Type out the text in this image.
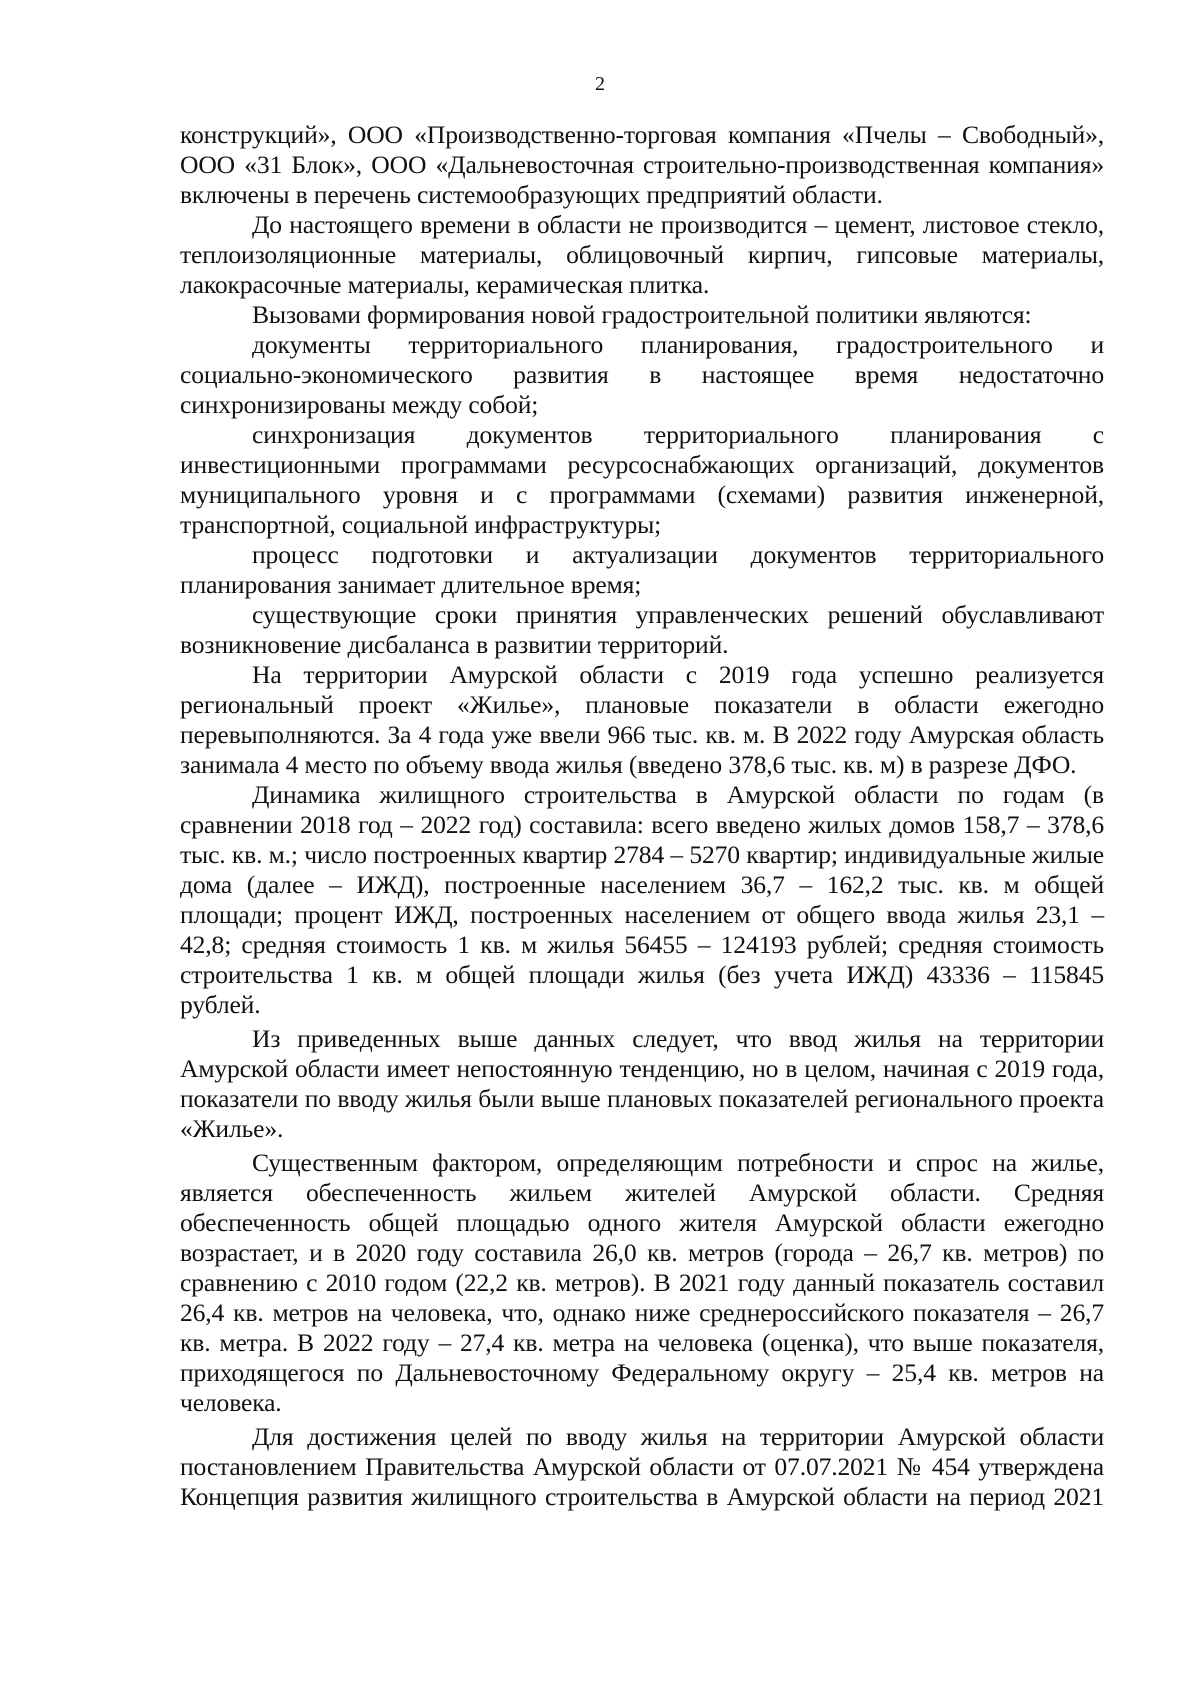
2

конструкций», ООО «Производственно-торговая компания «Пчелы – Свободный», ООО «31 Блок», ООО «Дальневосточная строительно-производственная компания» включены в перечень системообразующих предприятий области.

До настоящего времени в области не производится – цемент, листовое стекло, теплоизоляционные материалы, облицовочный кирпич, гипсовые материалы, лакокрасочные материалы, керамическая плитка.

Вызовами формирования новой градостроительной политики являются:

документы территориального планирования, градостроительного и социально-экономического развития в настоящее время недостаточно синхронизированы между собой;

синхронизация документов территориального планирования с инвестиционными программами ресурсоснабжающих организаций, документов муниципального уровня и с программами (схемами) развития инженерной, транспортной, социальной инфраструктуры;

процесс подготовки и актуализации документов территориального планирования занимает длительное время;

существующие сроки принятия управленческих решений обуславливают возникновение дисбаланса в развитии территорий.

На территории Амурской области с 2019 года успешно реализуется региональный проект «Жилье», плановые показатели в области ежегодно перевыполняются. За 4 года уже ввели 966 тыс. кв. м. В 2022 году Амурская область занимала 4 место по объему ввода жилья (введено 378,6 тыс. кв. м) в разрезе ДФО.

Динамика жилищного строительства в Амурской области по годам (в сравнении 2018 год – 2022 год) составила: всего введено жилых домов 158,7 – 378,6 тыс. кв. м.; число построенных квартир 2784 – 5270 квартир; индивидуальные жилые дома (далее – ИЖД), построенные населением 36,7 – 162,2 тыс. кв. м общей площади; процент ИЖД, построенных населением от общего ввода жилья 23,1 – 42,8; средняя стоимость 1 кв. м жилья 56455 – 124193 рублей; средняя стоимость строительства 1 кв. м общей площади жилья (без учета ИЖД) 43336 – 115845 рублей.

Из приведенных выше данных следует, что ввод жилья на территории Амурской области имеет непостоянную тенденцию, но в целом, начиная с 2019 года, показатели по вводу жилья были выше плановых показателей регионального проекта «Жилье».

Существенным фактором, определяющим потребности и спрос на жилье, является обеспеченность жильем жителей Амурской области. Средняя обеспеченность общей площадью одного жителя Амурской области ежегодно возрастает, и в 2020 году составила 26,0 кв. метров (города – 26,7 кв. метров) по сравнению с 2010 годом (22,2 кв. метров). В 2021 году данный показатель составил 26,4 кв. метров на человека, что, однако ниже среднероссийского показателя – 26,7 кв. метра. В 2022 году – 27,4 кв. метра на человека (оценка), что выше показателя, приходящегося по Дальневосточному Федеральному округу – 25,4 кв. метров на человека.

Для достижения целей по вводу жилья на территории Амурской области постановлением Правительства Амурской области от 07.07.2021 № 454 утверждена Концепция развития жилищного строительства в Амурской области на период 2021
